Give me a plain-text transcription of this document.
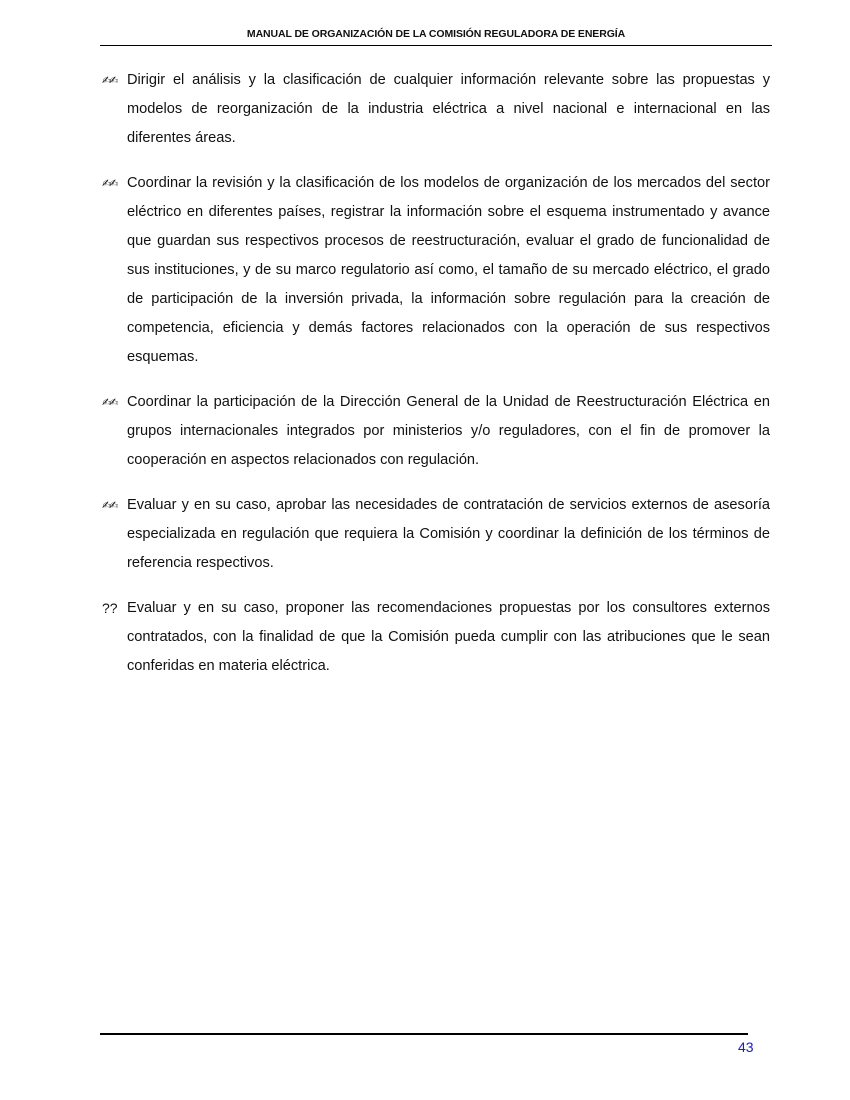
MANUAL DE ORGANIZACIÓN DE LA COMISIÓN REGULADORA DE ENERGÍA
✍✍ Dirigir el análisis y la clasificación de cualquier información relevante sobre las propuestas y modelos de reorganización de la industria eléctrica a nivel nacional e internacional en las diferentes áreas.
✍✍ Coordinar la revisión y la clasificación de los modelos de organización de los mercados del sector eléctrico en diferentes países, registrar la información sobre el esquema instrumentado y avance que guardan sus respectivos procesos de reestructuración, evaluar el grado de funcionalidad de sus instituciones, y de su marco regulatorio así como, el tamaño de su mercado eléctrico, el grado de participación de la inversión privada, la información sobre regulación para la creación de competencia, eficiencia y demás factores relacionados con la operación de sus respectivos esquemas.
✍✍ Coordinar la participación de la Dirección General de la Unidad de Reestructuración Eléctrica en grupos internacionales integrados por ministerios y/o reguladores, con el fin de promover la cooperación en aspectos relacionados con regulación.
✍✍ Evaluar y en su caso, aprobar las necesidades de contratación de servicios externos de asesoría especializada en regulación que requiera la Comisión y coordinar la definición de los términos de referencia respectivos.
?? Evaluar y en su caso, proponer las recomendaciones propuestas por los consultores externos contratados, con la finalidad de que la Comisión pueda cumplir con las atribuciones que le sean conferidas en materia eléctrica.
43
